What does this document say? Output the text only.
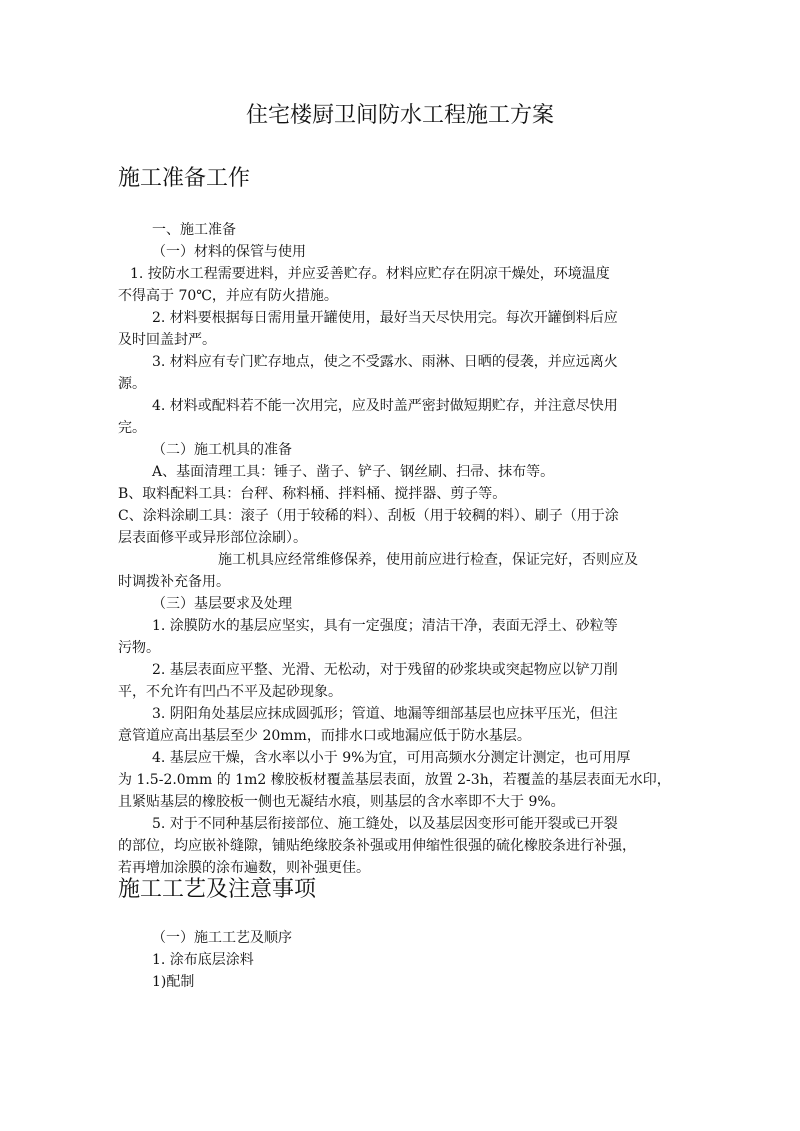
住宅楼厨卫间防水工程施工方案
施工准备工作

一、施工准备

（一）材料的保管与使用

1. 按防水工程需要进料，并应妥善贮存。材料应贮存在阴凉干燥处，环境温度

不得高于 70℃，并应有防火措施。

2. 材料要根据每日需用量开罐使用，最好当天尽快用完。每次开罐倒料后应

及时回盖封严。

3. 材料应有专门贮存地点，使之不受露水、雨淋、日晒的侵袭，并应远离火

源。

4. 材料或配料若不能一次用完，应及时盖严密封做短期贮存，并注意尽快用

完。

（二）施工机具的准备

A、基面清理工具：锤子、凿子、铲子、钢丝刷、扫帚、抹布等。

B、取料配料工具：台秤、称料桶、拌料桶、搅拌器、剪子等。

C、涂料涂刷工具：滚子（用于较稀的料）、刮板（用于较稠的料）、刷子（用于涂

层表面修平或异形部位涂刷）。

施工机具应经常维修保养，使用前应进行检查，保证完好，否则应及

时调拨补充备用。

（三）基层要求及处理

1. 涂膜防水的基层应坚实，具有一定强度；清洁干净，表面无浮土、砂粒等

污物。

2. 基层表面应平整、光滑、无松动，对于残留的砂浆块或突起物应以铲刀削

平，不允许有凹凸不平及起砂现象。

3. 阴阳角处基层应抹成圆弧形；管道、地漏等细部基层也应抹平压光，但注

意管道应高出基层至少 20mm，而排水口或地漏应低于防水基层。

4. 基层应干燥，含水率以小于 9%为宜，可用高频水分测定计测定，也可用厚

为 1.5-2.0mm 的 1m2 橡胶板材覆盖基层表面，放置 2-3h，若覆盖的基层表面无水印，

且紧贴基层的橡胶板一侧也无凝结水痕，则基层的含水率即不大于 9%。

5. 对于不同种基层衔接部位、施工缝处，以及基层因变形可能开裂或已开裂

的部位，均应嵌补缝隙，铺贴绝缘胶条补强或用伸缩性很强的硫化橡胶条进行补强，

若再增加涂膜的涂布遍数，则补强更佳。

施工工艺及注意事项

（一）施工工艺及顺序

1. 涂布底层涂料

1)配制
